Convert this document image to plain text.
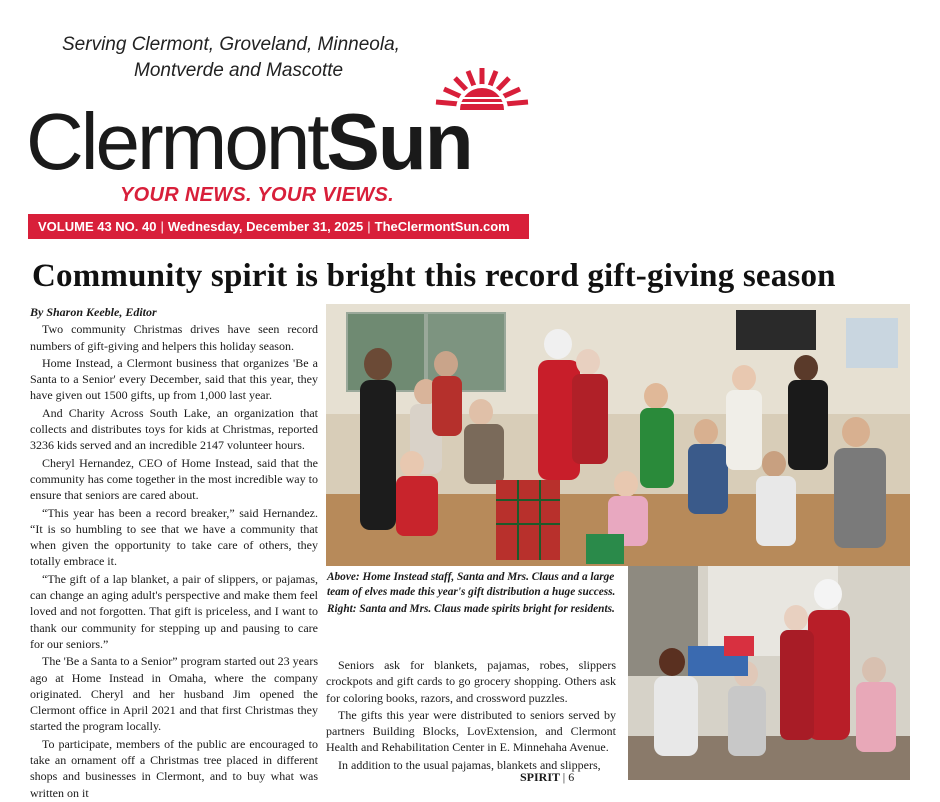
Serving Clermont, Groveland, Minneola,
Montverde and Mascotte
ClermontSun
YOUR NEWS. YOUR VIEWS.
VOLUME 43 NO. 40 | Wednesday, December 31, 2025 | TheClermontSun.com
Community spirit is bright this record gift-giving season

By Sharon Keeble, Editor

Two community Christmas drives have seen record numbers of gift-giving and helpers this holiday season.

Home Instead, a Clermont business that organizes 'Be a Santa to a Senior' every December, said that this year, they have given out 1500 gifts, up from 1,000 last year.

And Charity Across South Lake, an organization that collects and distributes toys for kids at Christmas, reported 3236 kids served and an incredible 2147 volunteer hours.

Cheryl Hernandez, CEO of Home Instead, said that the community has come together in the most incredible way to ensure that seniors are cared about.

“This year has been a record breaker,” said Hernandez. “It is so humbling to see that we have a community that when given the opportunity to take care of others, they totally embrace it.

“The gift of a lap blanket, a pair of slippers, or pajamas, can change an aging adult's perspective and make them feel loved and not forgotten. That gift is priceless, and I want to thank our community for stepping up and pausing to care for our seniors.”

The 'Be a Santa to a Senior” program started out 23 years ago at Home Instead in Omaha, where the company originated. Cheryl and her husband Jim opened the Clermont office in April 2021 and that first Christmas they started the program locally.

To participate, members of the public are encouraged to take an ornament off a Christmas tree placed in different shops and businesses in Clermont, and to buy what was written on it

Above: Home Instead staff, Santa and Mrs. Claus and a large team of elves made this year's gift distribution a huge success.

Right: Santa and Mrs. Claus made spirits bright for residents.

Seniors ask for blankets, pajamas, robes, slippers crockpots and gift cards to go grocery shopping. Others ask for coloring books, razors, and crossword puzzles.

The gifts this year were distributed to seniors served by partners Building Blocks, LovExtension, and Clermont Health and Rehabilitation Center in E. Minnehaha Avenue.

In addition to the usual pajamas, blankets and slippers,

SPIRIT | 6
